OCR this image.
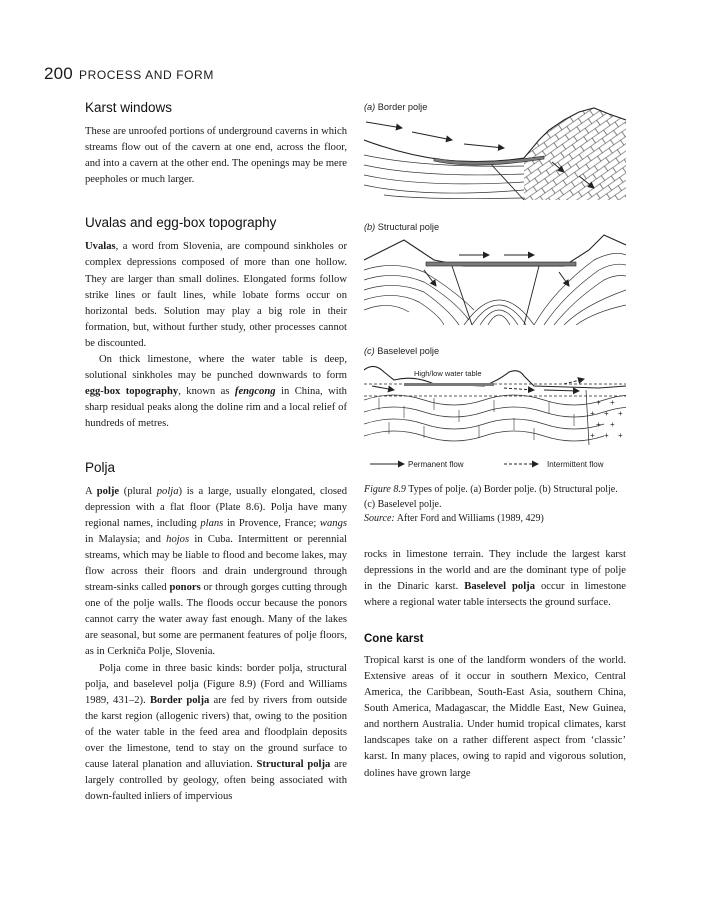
200 PROCESS AND FORM
Karst windows

These are unroofed portions of underground caverns in which streams flow out of the cavern at one end, across the floor, and into a cavern at the other end. The openings may be mere peepholes or much larger.

Uvalas and egg-box topography

Uvalas, a word from Slovenia, are compound sinkholes or complex depressions composed of more than one hollow. They are larger than small dolines. Elongated forms follow strike lines or fault lines, while lobate forms occur on horizontal beds. Solution may play a big role in their formation, but, without further study, other processes cannot be discounted.

On thick limestone, where the water table is deep, solutional sinkholes may be punched downwards to form egg-box topography, known as fengcong in China, with sharp residual peaks along the doline rim and a local relief of hundreds of metres.

Polja

A polje (plural polja) is a large, usually elongated, closed depression with a flat floor (Plate 8.6). Polja have many regional names, including plans in Provence, France; wangs in Malaysia; and hojos in Cuba. Intermittent or perennial streams, which may be liable to flood and become lakes, may flow across their floors and drain underground through stream-sinks called ponors or through gorges cutting through one of the polje walls. The floods occur because the ponors cannot carry the water away fast enough. Many of the lakes are seasonal, but some are permanent features of polje floors, as in Cerkniča Polje, Slovenia.

Polja come in three basic kinds: border polja, structural polja, and baselevel polja (Figure 8.9) (Ford and Williams 1989, 431–2). Border polja are fed by rivers from outside the karst region (allogenic rivers) that, owing to the position of the water table in the feed area and floodplain deposits over the limestone, tend to stay on the ground surface to cause lateral planation and alluviation. Structural polja are largely controlled by geology, often being associated with down-faulted inliers of impervious

(a) Border polje
(b) Structural polje
(c) Baselevel polje
High/low water table
+ +
+ + +
+ +
+ + +
Permanent flow	Intermittent flow

Figure 8.9 Types of polje. (a) Border polje. (b) Structural polje. (c) Baselevel polje.
Source: After Ford and Williams (1989, 429)

rocks in limestone terrain. They include the largest karst depressions in the world and are the dominant type of polje in the Dinaric karst. Baselevel polja occur in limestone where a regional water table intersects the ground surface.

Cone karst

Tropical karst is one of the landform wonders of the world. Extensive areas of it occur in southern Mexico, Central America, the Caribbean, South-East Asia, southern China, South America, Madagascar, the Middle East, New Guinea, and northern Australia. Under humid tropical climates, karst landscapes take on a rather different aspect from ‘classic’ karst. In many places, owing to rapid and vigorous solution, dolines have grown large
